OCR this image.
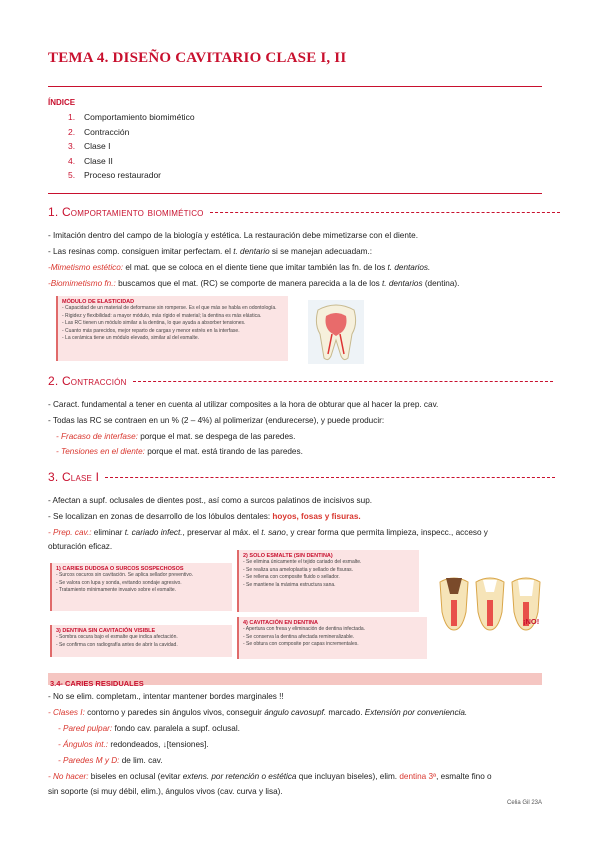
TEMA 4. DISEÑO CAVITARIO CLASE I, II
ÍNDICE
1. Comportamiento biomimético
2. Contracción
3. Clase I
4. Clase II
5. Proceso restaurador
1. Comportamiento biomimético
- Imitación dentro del campo de la biología y estética. La restauración debe mimetizarse con el diente.
- Las resinas comp. consiguen imitar perfectam. el t. dentario si se manejan adecuadam.:
-Mimetismo estético: el mat. que se coloca en el diente tiene que imitar también las fn. de los t. dentarios.
-Biomimetismo fn.: buscamos que el mat. (RC) se comporte de manera parecida a la de los t. dentarios (dentina).
MÓDULO DE ELASTICIDAD
- Capacidad de un material de deformarse sin romperse. Es el que más se habla en odontología.
- Rigidez y flexibilidad: a mayor módulo, más rígido el material; la dentina es más elástica.
- Las RC tienen un módulo similar a la dentina, lo que ayuda a absorber tensiones.
- Cuanto más parecidos, mejor reparto de cargas y menor estrés en la interfase.
- La cerámica tiene un módulo elevado, similar al del esmalte.
2. Contracción
- Caract. fundamental a tener en cuenta al utilizar composites a la hora de obturar que al hacer la prep. cav.
- Todas las RC se contraen en un % (2 – 4%) al polimerizar (endurecerse), y puede producir:
- Fracaso de interfase: porque el mat. se despega de las paredes.
- Tensiones en el diente: porque el mat. está tirando de las paredes.
3. Clase I
- Afectan a supf. oclusales de dientes post., así como a surcos palatinos de incisivos sup.
- Se localizan en zonas de desarrollo de los lóbulos dentales: hoyos, fosas y fisuras.
- Prep. cav.: eliminar t. cariado infect., preservar al máx. el t. sano, y crear forma que permita limpieza, inspecc., acceso y
obturación eficaz.
1) CARIES DUDOSA O SURCOS SOSPECHOSOS
- Surcos oscuros sin cavitación. Se aplica sellador preventivo.
- Se valora con lupa y sonda, evitando sondaje agresivo.
- Tratamiento mínimamente invasivo sobre el esmalte.
2) SOLO ESMALTE (SIN DENTINA)
- Se elimina únicamente el tejido cariado del esmalte.
- Se realiza una ameloplastia y sellado de fisuras.
- Se rellena con composite fluido o sellador.
- Se mantiene la máxima estructura sana.
3) DENTINA SIN CAVITACIÓN VISIBLE
- Sombra oscura bajo el esmalte que indica afectación.
- Se confirma con radiografía antes de abrir la cavidad.
4) CAVITACIÓN EN DENTINA
- Apertura con fresa y eliminación de dentina infectada.
- Se conserva la dentina afectada remineralizable.
- Se obtura con composite por capas incrementales.
¡NO!
3.4- CARIES RESIDUALES
- No se elim. completam., intentar mantener bordes marginales !!
- Clases I: contorno y paredes sin ángulos vivos, conseguir ángulo cavosupf. marcado. Extensión por conveniencia.
- Pared pulpar: fondo cav. paralela a supf. oclusal.
- Ángulos int.: redondeados, ↓[tensiones].
- Paredes M y D: de lim. cav.
- No hacer: biseles en oclusal (evitar extens. por retención o estética que incluyan biseles), elim. dentina 3ª, esmalte fino o
sin soporte (si muy débil, elim.), ángulos vivos (cav. curva y lisa).
Celia Gil 23A
